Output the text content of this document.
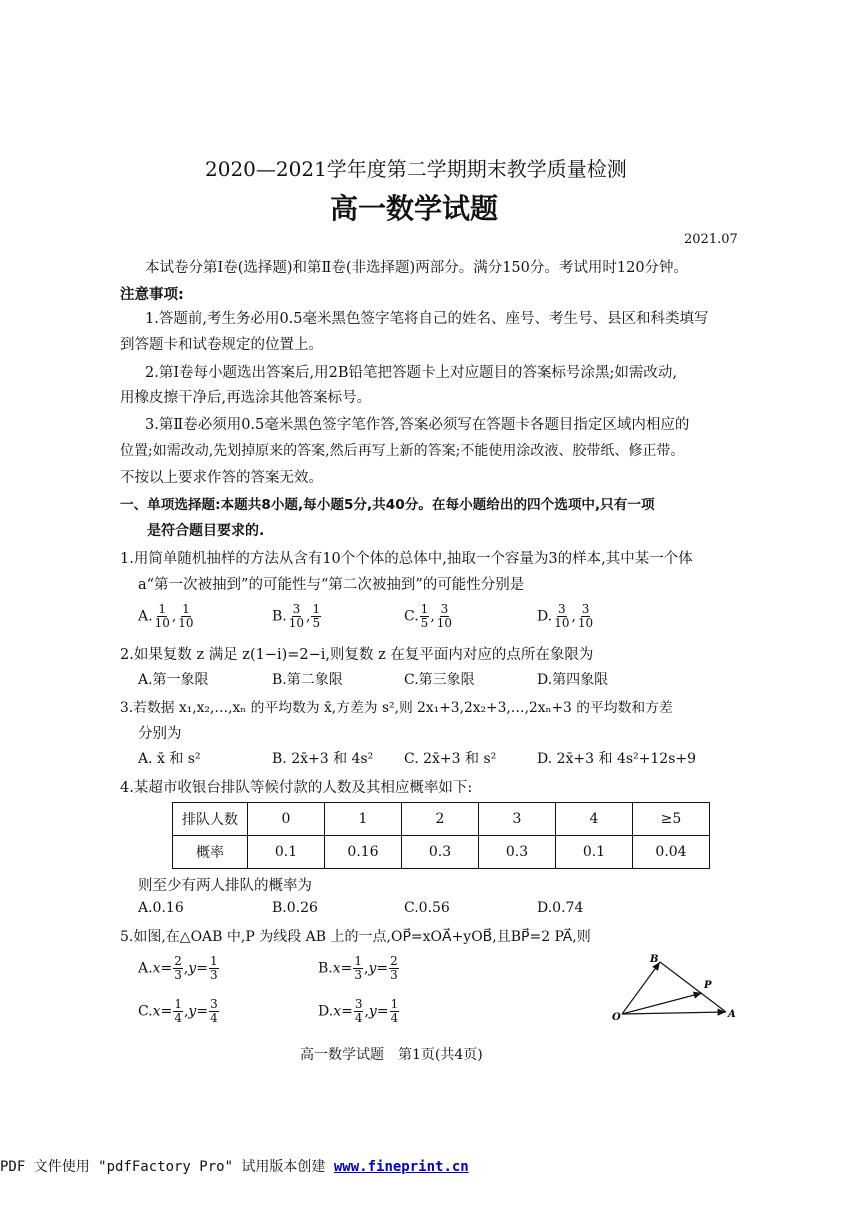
2020—2021学年度第二学期期末教学质量检测
高一数学试题
2021.07
本试卷分第Ⅰ卷(选择题)和第Ⅱ卷(非选择题)两部分。满分150分。考试用时120分钟。
注意事项:
1.答题前,考生务必用0.5毫米黑色签字笔将自己的姓名、座号、考生号、县区和科类填写
到答题卡和试卷规定的位置上。
2.第Ⅰ卷每小题选出答案后,用2B铅笔把答题卡上对应题目的答案标号涂黑;如需改动,
用橡皮擦干净后,再选涂其他答案标号。
3.第Ⅱ卷必须用0.5毫米黑色签字笔作答,答案必须写在答题卡各题目指定区域内相应的
位置;如需改动,先划掉原来的答案,然后再写上新的答案;不能使用涂改液、胶带纸、修正带。
不按以上要求作答的答案无效。
一、单项选择题:本题共8小题,每小题5分,共40分。在每小题给出的四个选项中,只有一项
是符合题目要求的.
1.用简单随机抽样的方法从含有10个个体的总体中,抽取一个容量为3的样本,其中某一个体
a“第一次被抽到”的可能性与“第二次被抽到”的可能性分别是
A. $\frac{1}{10}$ , $\frac{1}{10}$	B. $\frac{3}{10}$ , $\frac{1}{5}$	C. $\frac{1}{5}$ , $\frac{3}{10}$	D. $\frac{3}{10}$ , $\frac{3}{10}$
2.如果复数 z 满足 z(1−i)=2−i,则复数 z 在复平面内对应的点所在象限为
A.第一象限	B.第二象限	C.第三象限	D.第四象限
3.若数据 x₁,x₂,…,xₙ 的平均数为 x̄,方差为 s²,则 2x₁+3,2x₂+3,…,2xₙ+3 的平均数和方差
分别为
A. x̄ 和 s²	B. 2x̄+3 和 4s² C. 2x̄+3 和 s²	D. 2x̄+3 和 4s²+12s+9
4.某超市收银台排队等候付款的人数及其相应概率如下:
排队人数	0	1	2	3	4	≥5
概率	0.1	0.16	0.3	0.3	0.1	0.04
则至少有两人排队的概率为
A.0.16	B.0.26	C.0.56	D.0.74
5.如图,在△OAB 中,P 为线段 AB 上的一点,OP⃗=xOA⃗+yOB⃗,且BP⃗=2 PA⃗,则
$A.x= \frac{2}{3} ,y= \frac{1}{3}$	$B.x= \frac{1}{3} ,y= \frac{2}{3}$
$C.x= \frac{1}{4} ,y= \frac{3}{4}$	$D.x= \frac{3}{4} ,y= \frac{1}{4}$
B
P
O	A
高一数学试题　第1页(共4页)
PDF 文件使用 "pdfFactory Pro" 试用版本创建 www.fineprint.cn
